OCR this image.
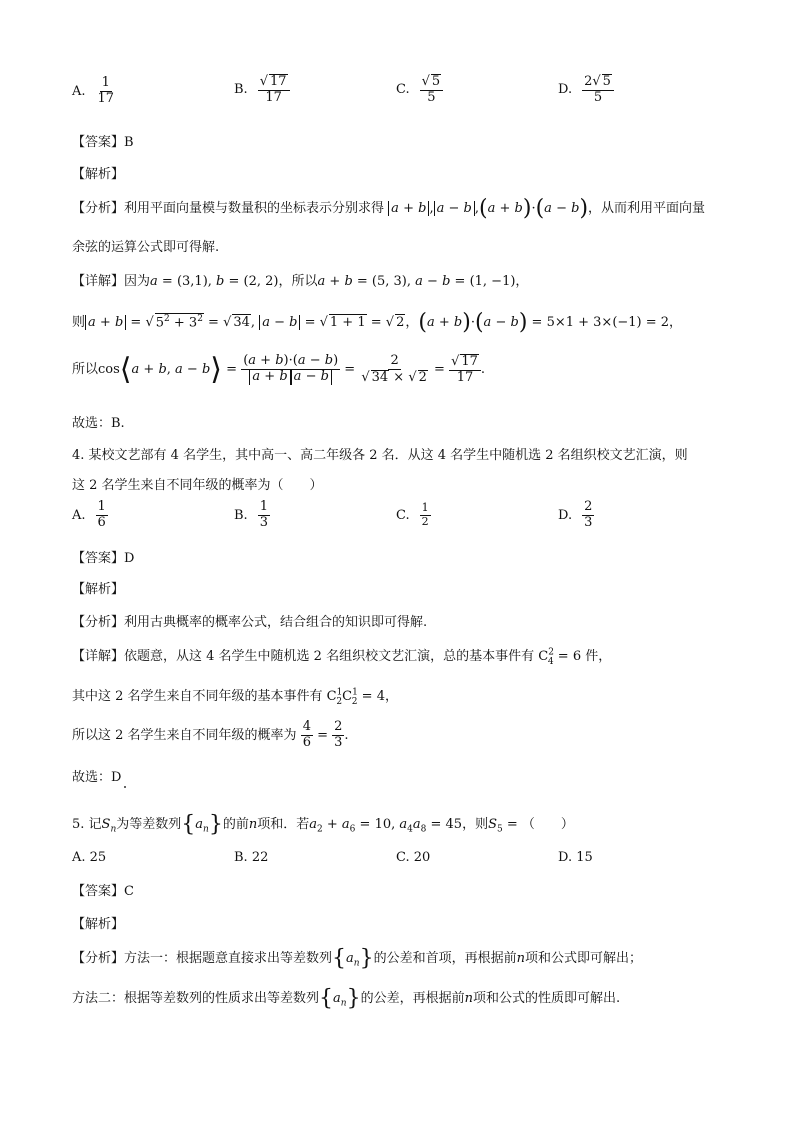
A. $\frac{1}{17}$	B. $\frac{√ 17}{17}$	C. $\frac{√ 5}{5}$	D. $\frac{2√ 5}{5}$
【答案】B
【解析】
【分析】利用平面向量模与数量积的坐标表示分别求得 a + b , a − b ,(a + b)·(a − b)，从而利用平面向量
余弦的运算公式即可得解.
【详解】因为a = (3,1), b = (2, 2)，所以a + b = (5, 3), a − b = (1, −1)，
则 a + b = √ $5^2 + 3^2$ = √ 34, a − b = √ 1 + 1 = √ 2，(a + b)·(a − b) = 5×1 + 3×(−1) = 2，
所以cos⟨a + b, a − b⟩ = $\frac{(a + b)\cdot(a - b)}{\text{a + b a − b}} = \frac{2}{√ 34 \times √ 2} = \frac{√ 17}{17}$ .
故选：B.
4. 某校文艺部有 4 名学生，其中高一、高二年级各 2 名．从这 4 名学生中随机选 2 名组织校文艺汇演，则
这 2 名学生来自不同年级的概率为（　　）
A. $\frac{1}{6}$	B. $\frac{1}{3}$	C. $\frac{1}{2}$	D. $\frac{2}{3}$
【答案】D
【解析】
【分析】利用古典概率的概率公式，结合组合的知识即可得解.
【详解】依题意，从这 4 名学生中随机选 2 名组织校文艺汇演，总的基本事件有 $C^2_4 = 6$ 件，
其中这 2 名学生来自不同年级的基本事件有 $C^1_2C^1_2 = 4$，
所以这 2 名学生来自不同年级的概率为 $\frac{4}{6} = \frac{2}{3}$ .
故选：D
5. 记$S_n$为等差数列$\{a_n\}$的前n项和．若$a_2 + a_6 = 10$, $a_4a_8 = 45$，则$S_5$ = （　　）
A. 25	B. 22	C. 20	D. 15
【答案】C
【解析】
【分析】方法一：根据题意直接求出等差数列$\{a_n\}$的公差和首项，再根据前n项和公式即可解出；
方法二：根据等差数列的性质求出等差数列$\{a_n\}$的公差，再根据前n项和公式的性质即可解出.
